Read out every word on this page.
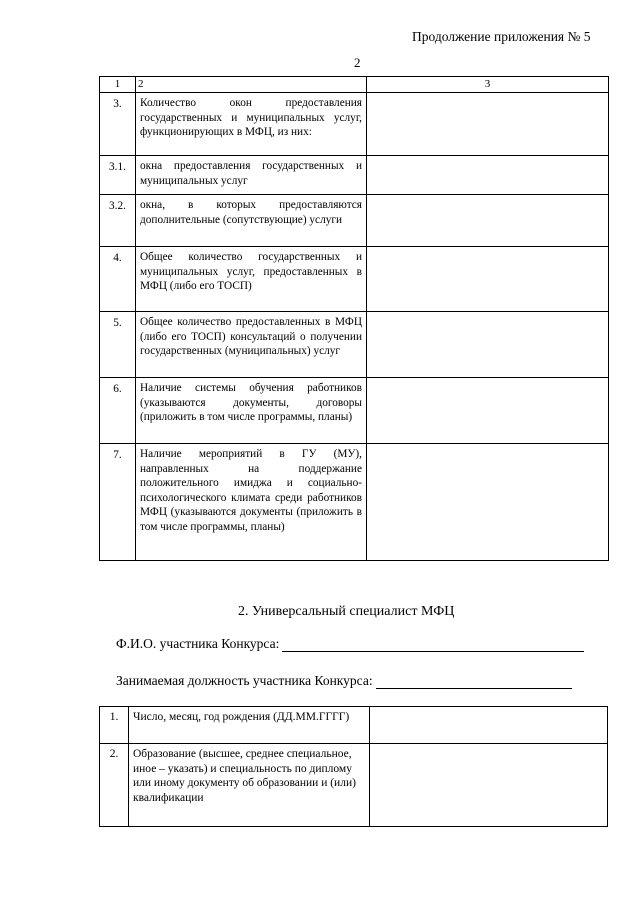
Продолжение приложения № 5
2
1	2	3
3.	Количество окон предоставления государственных и муниципальных услуг, функционирующих в МФЦ, из них:	
3.1.	окна предоставления государственных и муниципальных услуг	
3.2.	окна, в которых предоставляются дополнительные (сопутствующие) услуги	
4.	Общее количество государственных и муниципальных услуг, предоставленных в МФЦ (либо его ТОСП)	
5.	Общее количество предоставленных в МФЦ (либо его ТОСП) консультаций о получении государственных (муниципальных) услуг	
6.	Наличие системы обучения работников (указываются документы, договоры (приложить в том числе программы, планы)	
7.	Наличие мероприятий в ГУ (МУ), направленных на поддержание положительного имиджа и социально-психологического климата среди работников МФЦ (указываются документы (приложить в том числе программы, планы)	
2. Универсальный специалист МФЦ
Ф.И.О. участника Конкурса:
Занимаемая должность участника Конкурса:
1.	Число, месяц, год рождения (ДД.ММ.ГГГГ)	
2.	Образование (высшее, среднее специальное, иное – указать) и специальность по диплому или иному документу об образовании и (или) квалификации	
